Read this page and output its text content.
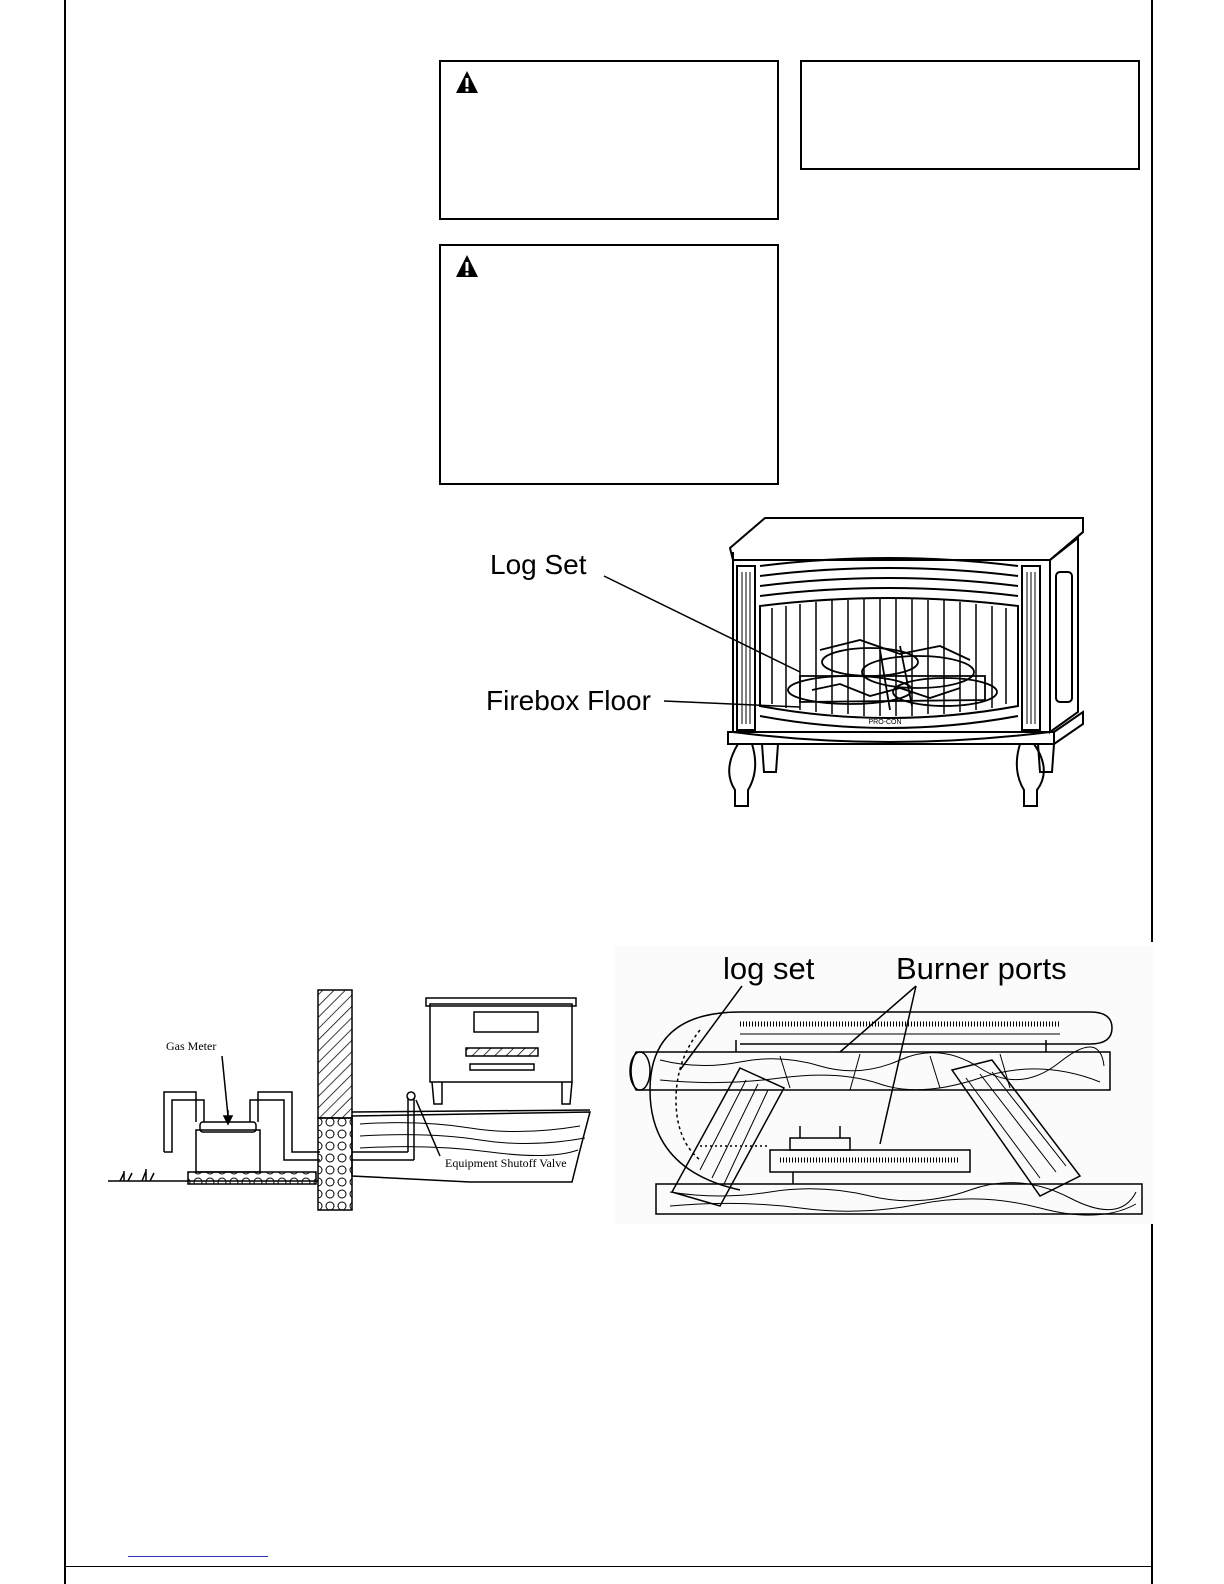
Log Set
Firebox Floor
PRO-CON
Gas Meter
Equipment Shutoff Valve
log set	Burner ports
